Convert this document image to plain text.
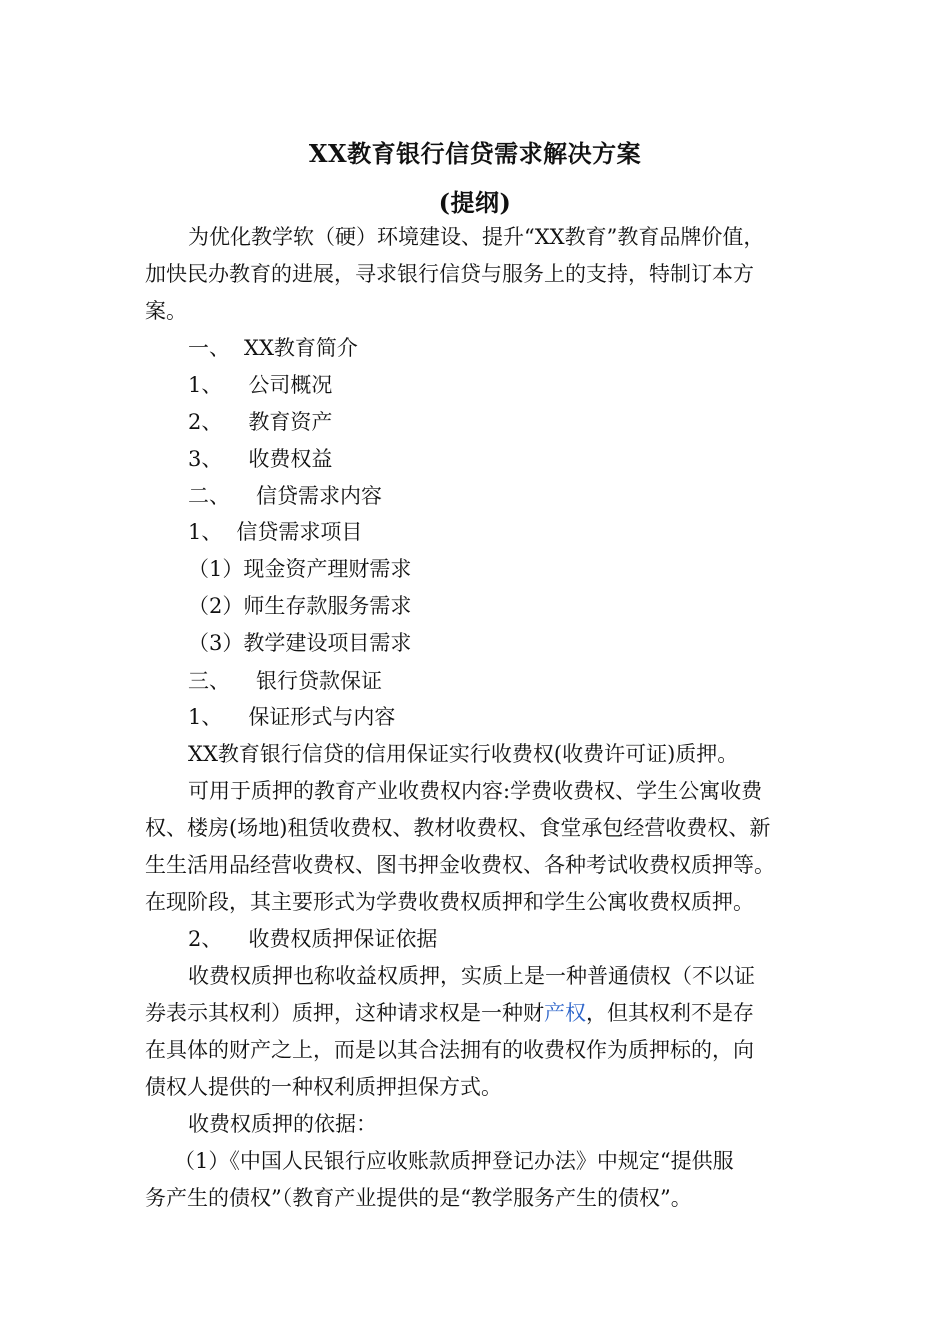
XX教育银行信贷需求解决方案
(提纲)
为优化教学软（硬）环境建设、提升“XX教育”教育品牌价值，
加快民办教育的进展，寻求银行信贷与服务上的支持，特制订本方
案。
一、 XX教育简介
1、 公司概况
2、 教育资产
3、 收费权益
二、 信贷需求内容
1、 信贷需求项目
（1）现金资产理财需求
（2）师生存款服务需求
（3）教学建设项目需求
三、 银行贷款保证
1、 保证形式与内容
XX教育银行信贷的信用保证实行收费权(收费许可证)质押。
可用于质押的教育产业收费权内容:学费收费权、学生公寓收费
权、楼房(场地)租赁收费权、教材收费权、食堂承包经营收费权、新
生生活用品经营收费权、图书押金收费权、各种考试收费权质押等。
在现阶段，其主要形式为学费收费权质押和学生公寓收费权质押。
2、 收费权质押保证依据
收费权质押也称收益权质押，实质上是一种普通债权（不以证
券表示其权利）质押，这种请求权是一种财产权，但其权利不是存
在具体的财产之上，而是以其合法拥有的收费权作为质押标的，向
债权人提供的一种权利质押担保方式。
收费权质押的依据：
（1）《中国人民银行应收账款质押登记办法》中规定“提供服
务产生的债权”（教育产业提供的是“教学服务产生的债权”。
